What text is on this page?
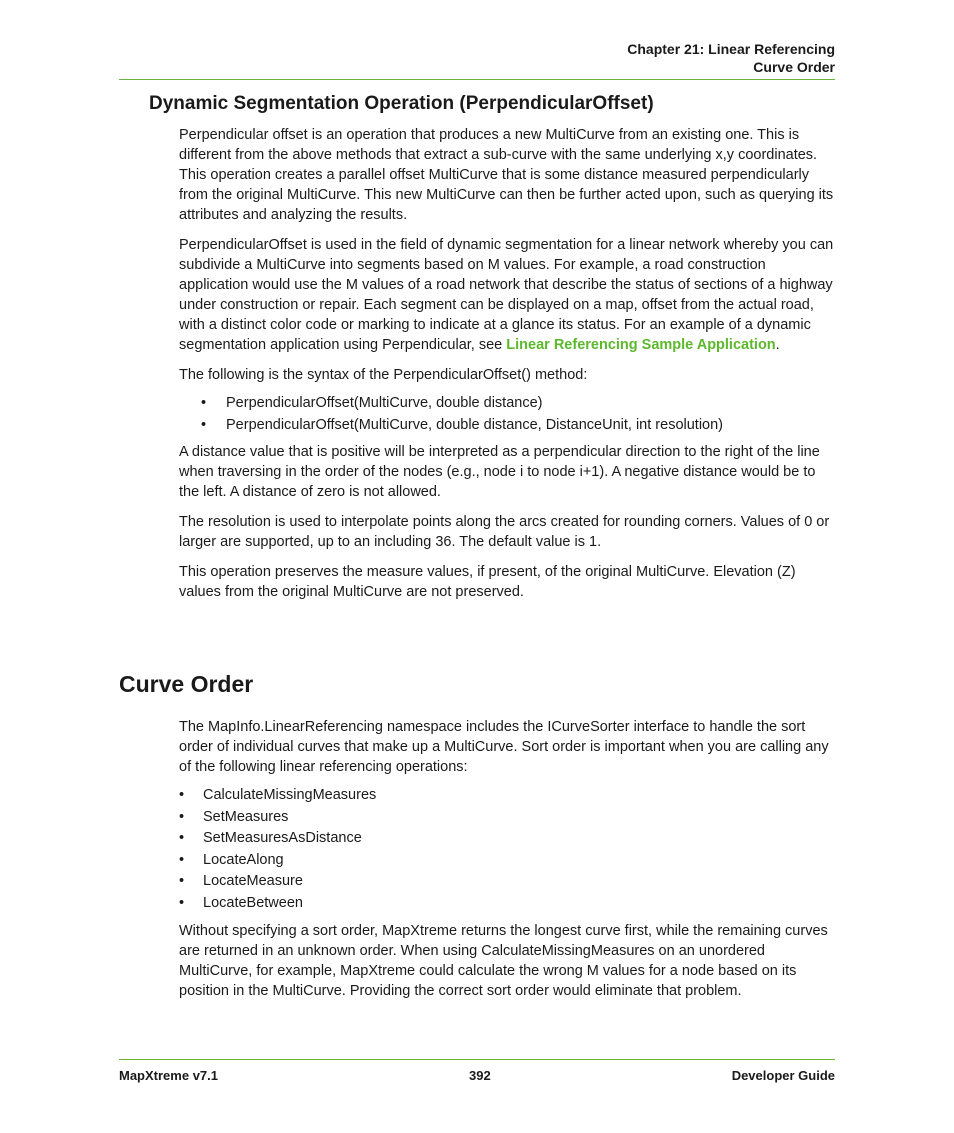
Chapter 21: Linear Referencing
Curve Order
Dynamic Segmentation Operation (PerpendicularOffset)

Perpendicular offset is an operation that produces a new MultiCurve from an existing one. This is different from the above methods that extract a sub-curve with the same underlying x,y coordinates. This operation creates a parallel offset MultiCurve that is some distance measured perpendicularly from the original MultiCurve. This new MultiCurve can then be further acted upon, such as querying its attributes and analyzing the results.

PerpendicularOffset is used in the field of dynamic segmentation for a linear network whereby you can subdivide a MultiCurve into segments based on M values. For example, a road construction application would use the M values of a road network that describe the status of sections of a highway under construction or repair. Each segment can be displayed on a map, offset from the actual road, with a distinct color code or marking to indicate at a glance its status. For an example of a dynamic segmentation application using Perpendicular, see Linear Referencing Sample Application.

The following is the syntax of the PerpendicularOffset() method:

• PerpendicularOffset(MultiCurve, double distance)
• PerpendicularOffset(MultiCurve, double distance, DistanceUnit, int resolution)

A distance value that is positive will be interpreted as a perpendicular direction to the right of the line when traversing in the order of the nodes (e.g., node i to node i+1). A negative distance would be to the left. A distance of zero is not allowed.

The resolution is used to interpolate points along the arcs created for rounding corners. Values of 0 or larger are supported, up to an including 36. The default value is 1.

This operation preserves the measure values, if present, of the original MultiCurve. Elevation (Z) values from the original MultiCurve are not preserved.

Curve Order

The MapInfo.LinearReferencing namespace includes the ICurveSorter interface to handle the sort order of individual curves that make up a MultiCurve. Sort order is important when you are calling any of the following linear referencing operations:

• CalculateMissingMeasures
• SetMeasures
• SetMeasuresAsDistance
• LocateAlong
• LocateMeasure
• LocateBetween

Without specifying a sort order, MapXtreme returns the longest curve first, while the remaining curves are returned in an unknown order. When using CalculateMissingMeasures on an unordered MultiCurve, for example, MapXtreme could calculate the wrong M values for a node based on its position in the MultiCurve. Providing the correct sort order would eliminate that problem.

MapXtreme v7.1	392	Developer Guide
